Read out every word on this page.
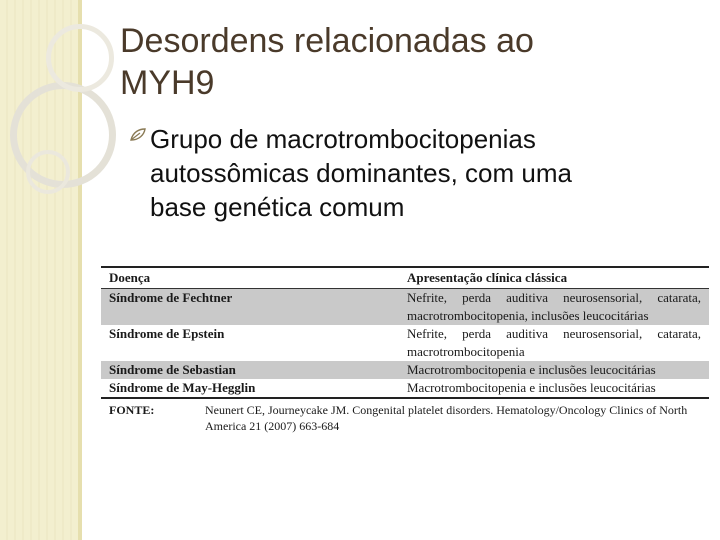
Desordens relacionadas ao
MYH9
Grupo de macrotrombocitopenias
autossômicas dominantes, com uma
base genética comum
Doença	Apresentação clínica clássica
Síndrome de Fechtner	Nefrite, perda auditiva neurosensorial, catarata, macrotrombocitopenia, inclusões leucocitárias
Síndrome de Epstein	Nefrite, perda auditiva neurosensorial, catarata, macrotrombocitopenia
Síndrome de Sebastian	Macrotrombocitopenia e inclusões leucocitárias
Síndrome de May-Hegglin	Macrotrombocitopenia e inclusões leucocitárias
FONTE:	Neunert CE, Journeycake JM. Congenital platelet disorders. Hematology/Oncology Clinics of North America 21 (2007) 663-684
